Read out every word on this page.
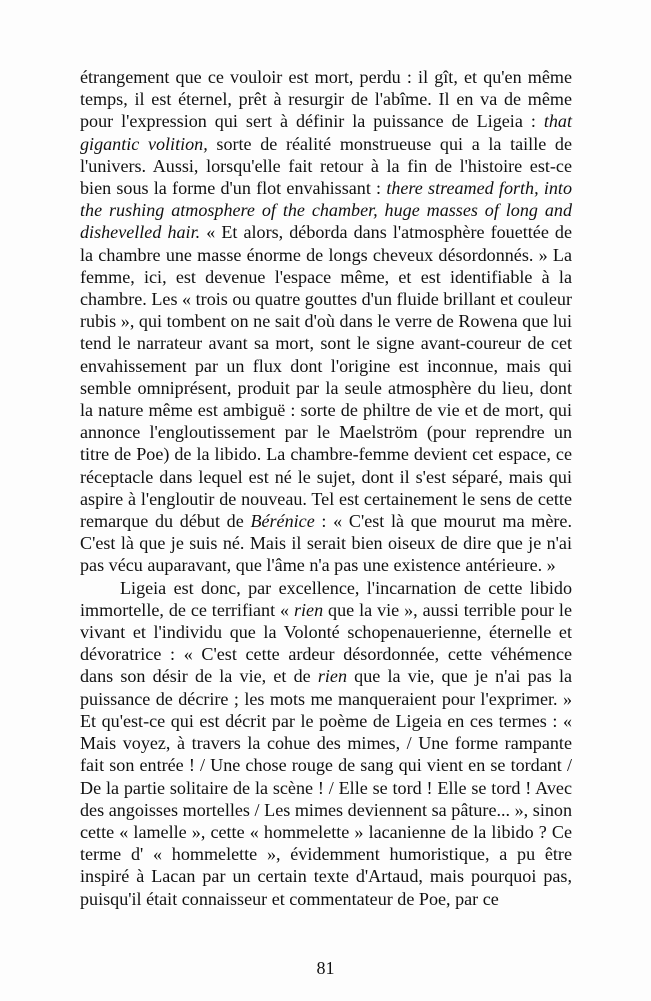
étrangement que ce vouloir est mort, perdu : il gît, et qu'en même temps, il est éternel, prêt à resurgir de l'abîme. Il en va de même pour l'expression qui sert à définir la puissance de Ligeia : that gigantic volition, sorte de réalité monstrueuse qui a la taille de l'univers. Aussi, lorsqu'elle fait retour à la fin de l'histoire est-ce bien sous la forme d'un flot envahissant : there streamed forth, into the rushing atmosphere of the chamber, huge masses of long and dishevelled hair. « Et alors, déborda dans l'atmosphère fouettée de la chambre une masse énorme de longs cheveux désordonnés. » La femme, ici, est devenue l'espace même, et est identifiable à la chambre. Les « trois ou quatre gouttes d'un fluide brillant et couleur rubis », qui tombent on ne sait d'où dans le verre de Rowena que lui tend le narrateur avant sa mort, sont le signe avant-coureur de cet envahissement par un flux dont l'origine est inconnue, mais qui semble omniprésent, produit par la seule atmosphère du lieu, dont la nature même est ambiguë : sorte de philtre de vie et de mort, qui annonce l'engloutissement par le Maelström (pour reprendre un titre de Poe) de la libido. La chambre-femme devient cet espace, ce réceptacle dans lequel est né le sujet, dont il s'est séparé, mais qui aspire à l'engloutir de nouveau. Tel est certainement le sens de cette remarque du début de Bérénice : « C'est là que mourut ma mère. C'est là que je suis né. Mais il serait bien oiseux de dire que je n'ai pas vécu auparavant, que l'âme n'a pas une existence antérieure. »

Ligeia est donc, par excellence, l'incarnation de cette libido immortelle, de ce terrifiant « rien que la vie », aussi terrible pour le vivant et l'individu que la Volonté schopenauerienne, éternelle et dévoratrice : « C'est cette ardeur désordonnée, cette véhémence dans son désir de la vie, et de rien que la vie, que je n'ai pas la puissance de décrire ; les mots me manqueraient pour l'exprimer. » Et qu'est-ce qui est décrit par le poème de Ligeia en ces termes : « Mais voyez, à travers la cohue des mimes, / Une forme rampante fait son entrée ! / Une chose rouge de sang qui vient en se tordant / De la partie solitaire de la scène ! / Elle se tord ! Elle se tord ! Avec des angoisses mortelles / Les mimes deviennent sa pâture... », sinon cette « lamelle », cette « hommelette » lacanienne de la libido ? Ce terme d' « hommelette », évidemment humoristique, a pu être inspiré à Lacan par un certain texte d'Artaud, mais pourquoi pas, puisqu'il était connaisseur et commentateur de Poe, par ce

81
